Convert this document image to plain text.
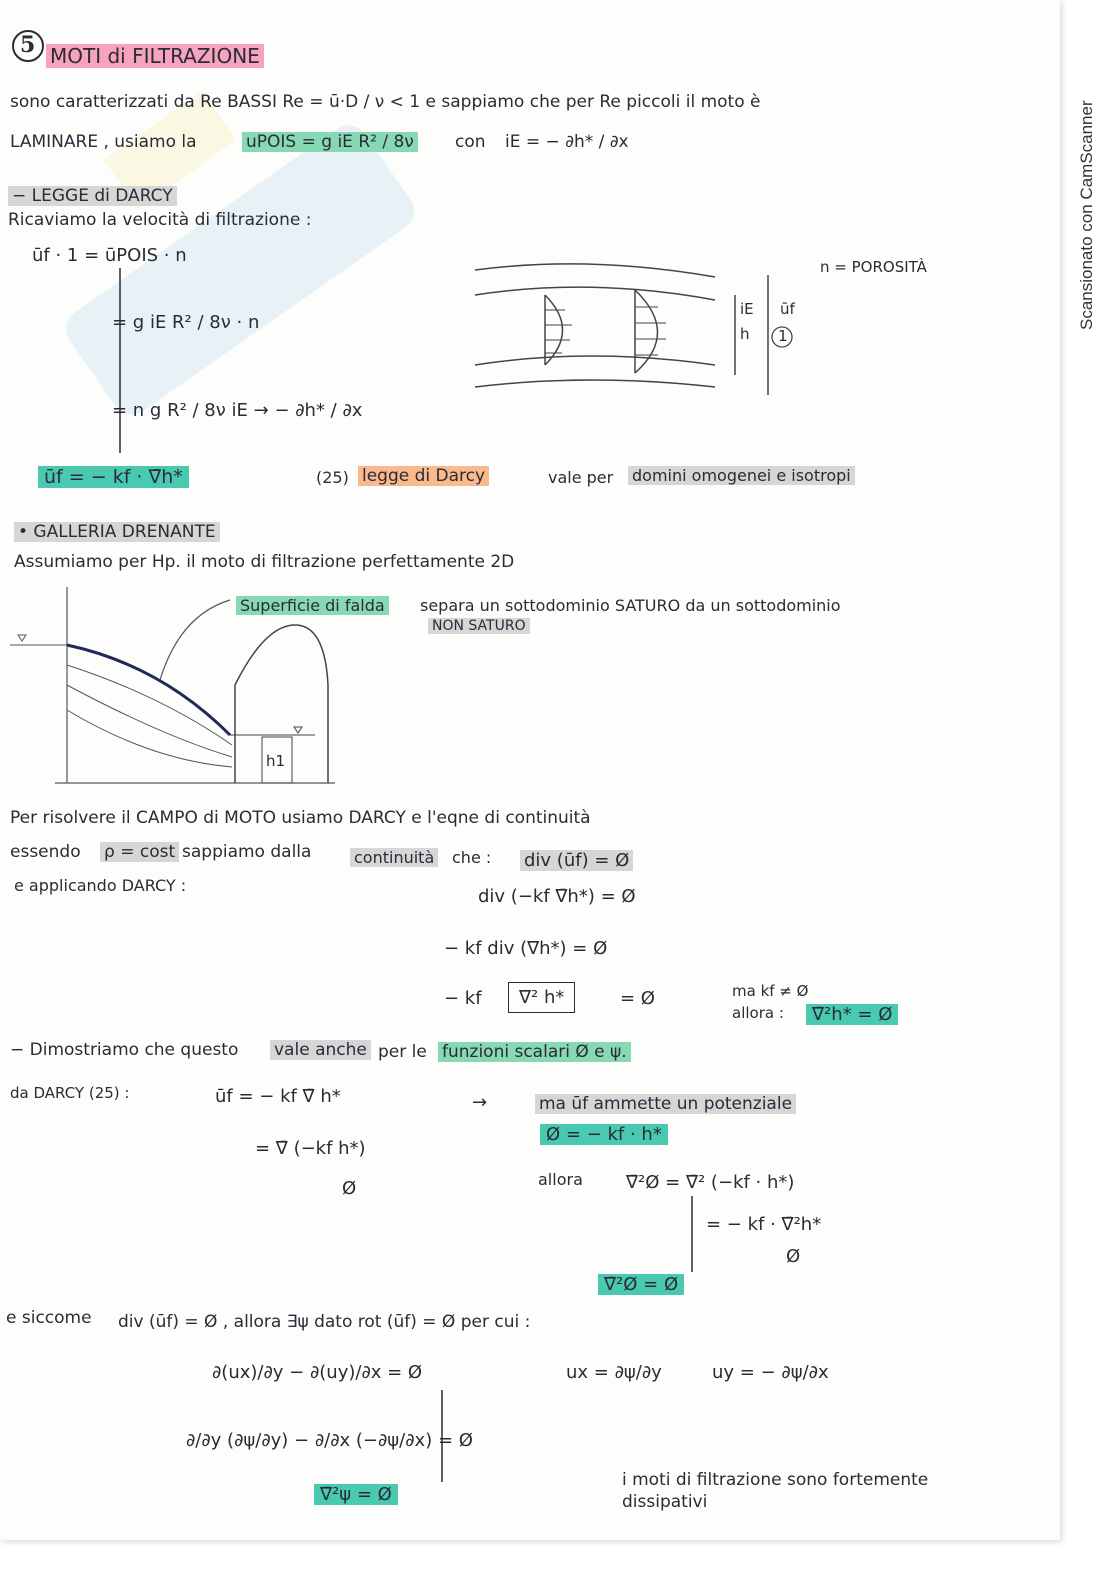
Scansionato con CamScanner
5 MOTI di FILTRAZIONE
sono caratterizzati da Re BASSI Re = ū·D / ν < 1 e sappiamo che per Re piccoli il moto è
LAMINARE , usiamo la	uPOIS = g iE R² / 8ν con iE = − ∂h* / ∂x
− LEGGE di DARCY
Ricaviamo la velocità di filtrazione :
ūf · 1 = ūPOIS · n
= g iE R² / 8ν · n
= n g R² / 8ν iE → − ∂h* / ∂x
ūf = − kf · ∇̄h*	(25) legge di Darcy	vale per domini omogenei e isotropi
iE
h
ūf
1
n = POROSITÀ
• GALLERIA DRENANTE
Assumiamo per Hp. il moto di filtrazione perfettamente 2D
Superficie di falda separa un sottodominio SATURO da un sottodominio
NON SATURO
h1
Per risolvere il CAMPO di MOTO usiamo DARCY e l'eqne di continuità
essendo ρ = cost sappiamo dalla	continuità che : div (ūf) = Ø
e applicando DARCY :
div (−kf ∇̄h*) = Ø
− kf div (∇h*) = Ø
− kf	∇² h*	= Ø	ma kf ≠ Ø
allora :	∇̄²h* = Ø
− Dimostriamo che questo vale anche per le funzioni scalari Ø e ψ.
da DARCY (25) :	ūf = − kf ∇̄ h*
= ∇̄ (−kf h*)
Ø
→	ma ūf ammette un potenziale
Ø = − kf · h*
allora ∇̄²Ø = ∇̄² (−kf · h*)
= − kf · ∇̄²h*
Ø
∇̄²Ø = Ø
e siccome div (ūf) = Ø , allora ∃ψ dato rot (ūf) = Ø per cui :
∂(ux)/∂y − ∂(uy)/∂x = Ø	ux = ∂ψ/∂y	uy = − ∂ψ/∂x
∂/∂y (∂ψ/∂y) − ∂/∂x (−∂ψ/∂x) = Ø
∇̄²ψ = Ø
i moti di filtrazione sono fortemente
dissipativi
